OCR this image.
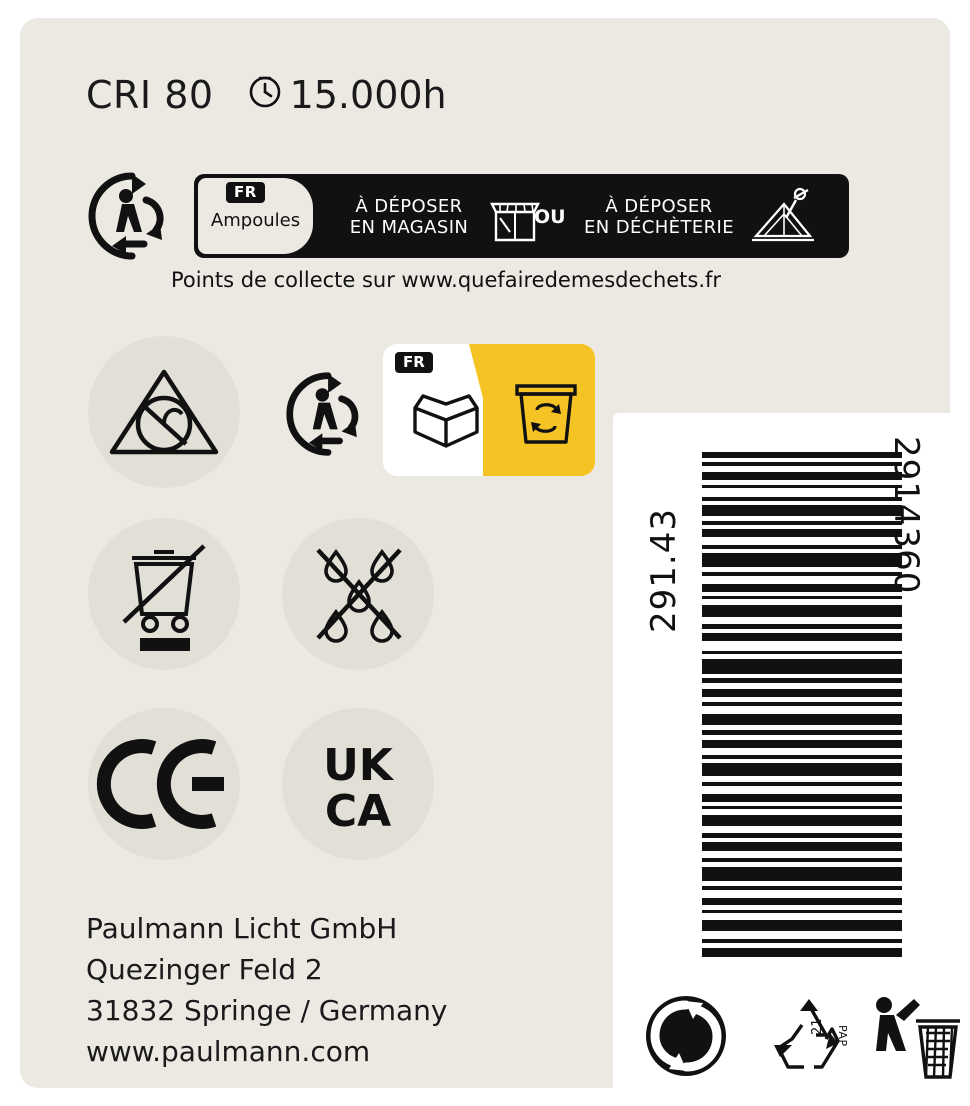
CRI 80 15.000h
FR
Ampoules
À DÉPOSER
EN MAGASIN	OU	À DÉPOSER
EN DÉCHÈTERIE
Points de collecte sur www.quefairedemesdechets.fr
FR
UK
CA
Paulmann Licht GmbH
Quezinger Feld 2
31832 Springe / Germany
www.paulmann.com
291.43	2914360
21 PAP
